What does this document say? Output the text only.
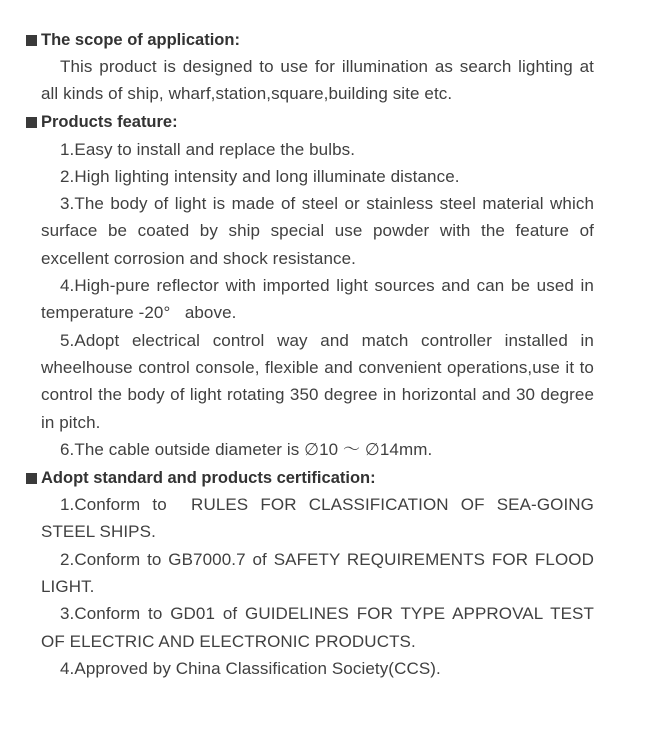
The scope of application:

This product is designed to use for illumination as search lighting at all kinds of ship, wharf,station,square,building site etc.

Products feature:

1.Easy to install and replace the bulbs.

2.High lighting intensity and long illuminate distance.

3.The body of light is made of steel or stainless steel material which surface be coated by ship special use powder with the feature of excellent corrosion and shock resistance.

4.High-pure reflector with imported light sources and can be used in temperature -20°   above.

5.Adopt electrical control way and match controller installed in wheelhouse control console, flexible and convenient operations,use it to control the body of light rotating 350 degree in horizontal and 30 degree in pitch.

6.The cable outside diameter is ∅10 ～ ∅14mm.

Adopt standard and products certification:

1.Conform to  RULES FOR CLASSIFICATION OF SEA-GOING STEEL SHIPS.

2.Conform to GB7000.7 of SAFETY REQUIREMENTS FOR FLOOD LIGHT.

3.Conform to GD01 of GUIDELINES FOR TYPE APPROVAL TEST OF ELECTRIC AND ELECTRONIC PRODUCTS.

4.Approved by China Classification Society(CCS).
